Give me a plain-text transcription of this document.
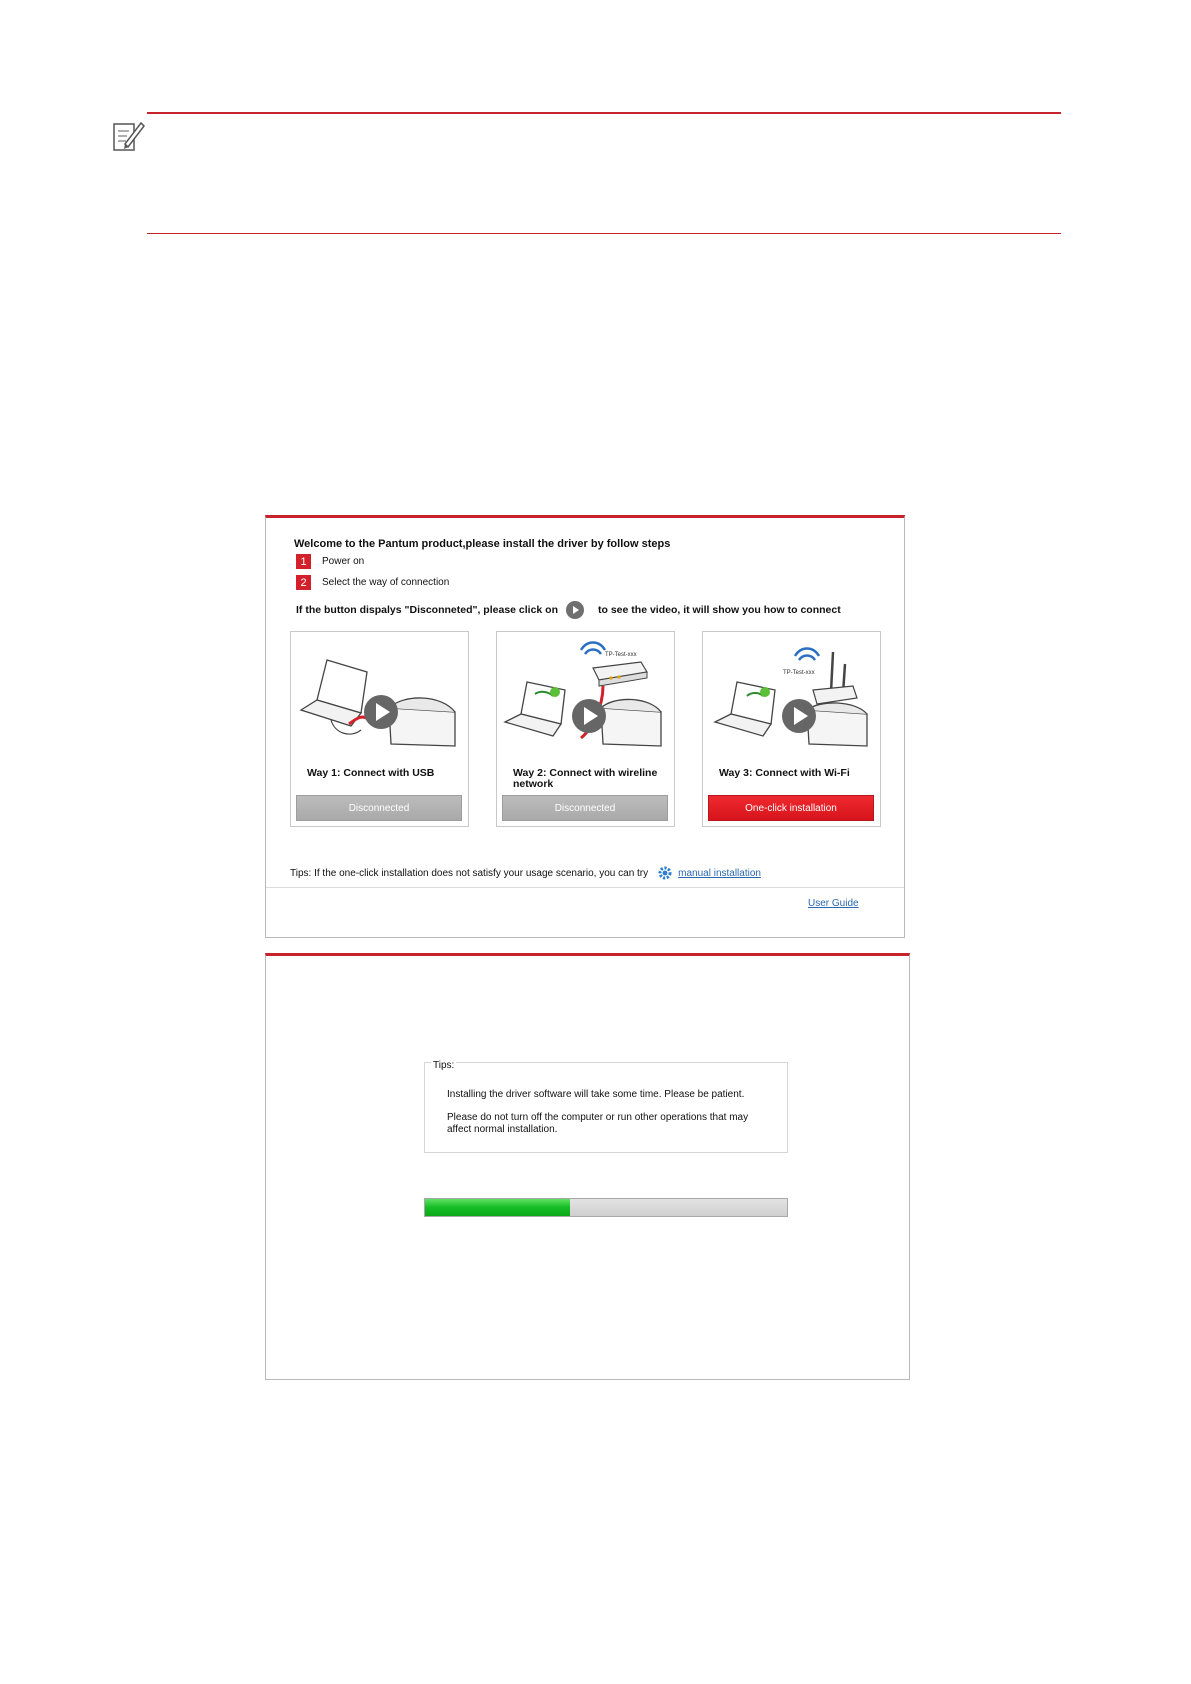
Welcome to the Pantum product,please install the driver by follow steps
1	Power on
2	Select the way of connection
If the button dispalys "Disconneted", please click on	to see the video, it will show you how to connect
Way 1: Connect with USB
Disconnected
TP-Test-xxx
Way 2: Connect with wireline network
Disconnected
TP-Test-xxx
Way 3: Connect with Wi-Fi
One-click installation
Tips: If the one-click installation does not satisfy your usage scenario, you can try	manual installation
User Guide
Tips:
Installing the driver software will take some time. Please be patient.
Please do not turn off the computer or run other operations that may affect normal installation.
